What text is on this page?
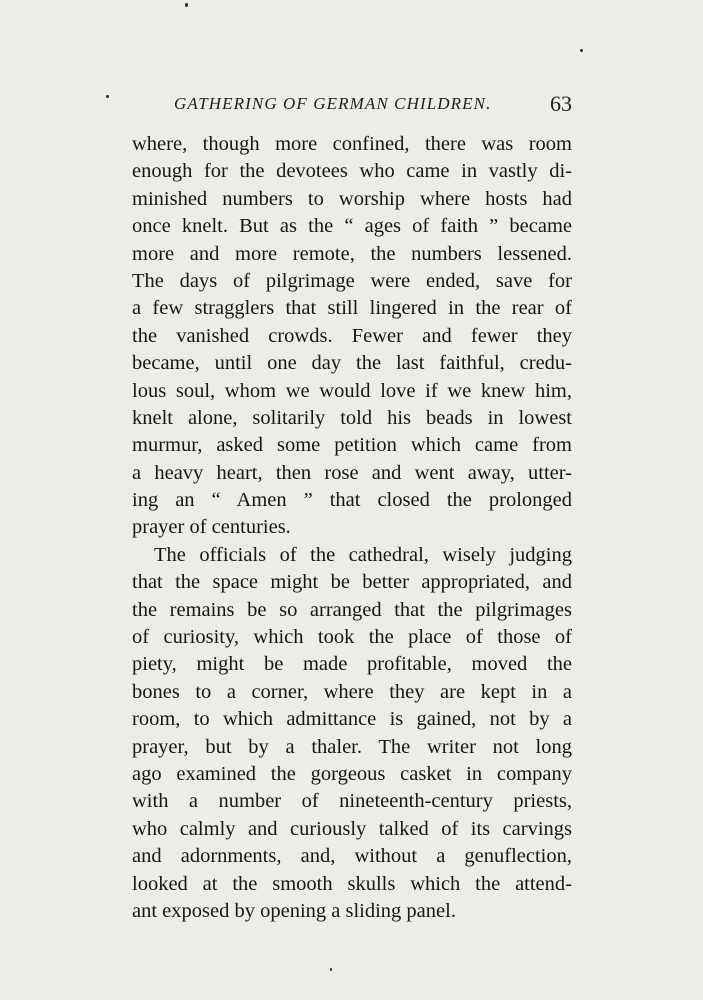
GATHERING OF GERMAN CHILDREN.	63
where, though more confined, there was room
enough for the devotees who came in vastly di-
minished numbers to worship where hosts had
once knelt. But as the “ ages of faith ” became
more and more remote, the numbers lessened.
The days of pilgrimage were ended, save for
a few stragglers that still lingered in the rear of
the vanished crowds. Fewer and fewer they
became, until one day the last faithful, credu-
lous soul, whom we would love if we knew him,
knelt alone, solitarily told his beads in lowest
murmur, asked some petition which came from
a heavy heart, then rose and went away, utter-
ing an “ Amen ” that closed the prolonged
prayer of centuries.
The officials of the cathedral, wisely judging
that the space might be better appropriated, and
the remains be so arranged that the pilgrimages
of curiosity, which took the place of those of
piety, might be made profitable, moved the
bones to a corner, where they are kept in a
room, to which admittance is gained, not by a
prayer, but by a thaler. The writer not long
ago examined the gorgeous casket in company
with a number of nineteenth-century priests,
who calmly and curiously talked of its carvings
and adornments, and, without a genuflection,
looked at the smooth skulls which the attend-
ant exposed by opening a sliding panel.
